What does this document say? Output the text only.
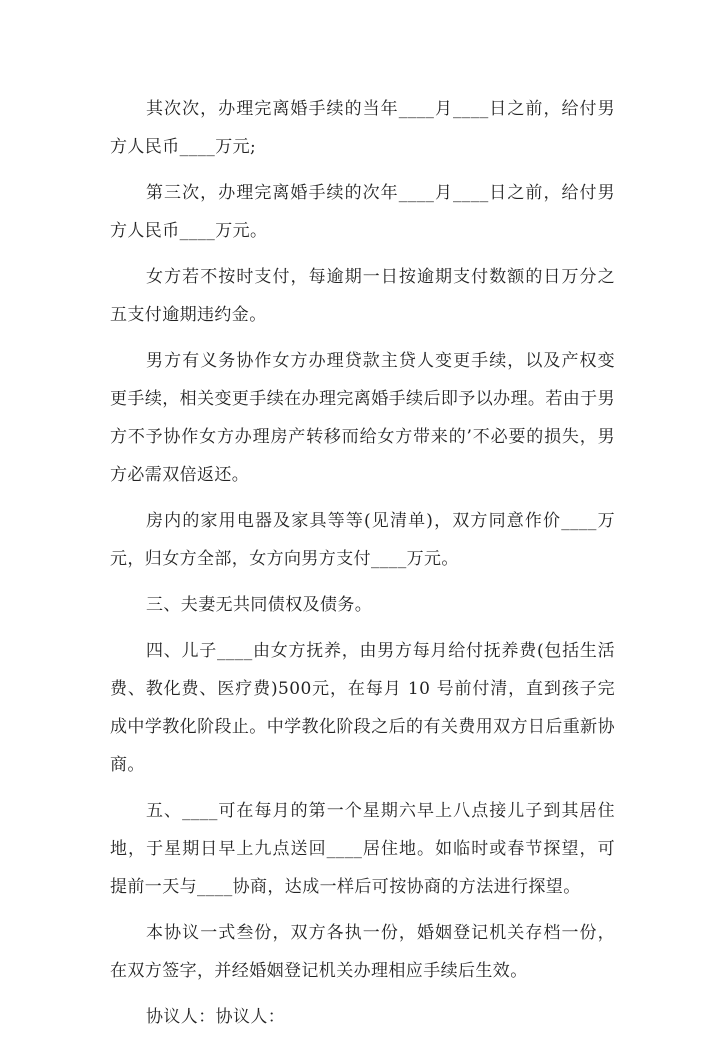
其次次，办理完离婚手续的当年____月____日之前，给付男方人民币____万元;

第三次，办理完离婚手续的次年____月____日之前，给付男方人民币____万元。

女方若不按时支付，每逾期一日按逾期支付数额的日万分之五支付逾期违约金。

男方有义务协作女方办理贷款主贷人变更手续，以及产权变更手续，相关变更手续在办理完离婚手续后即予以办理。若由于男方不予协作女方办理房产转移而给女方带来的’不必要的损失，男方必需双倍返还。

房内的家用电器及家具等等(见清单)，双方同意作价____万元，归女方全部，女方向男方支付____万元。

三、夫妻无共同债权及债务。

四、儿子____由女方抚养，由男方每月给付抚养费(包括生活费、教化费、医疗费)500元，在每月 10 号前付清，直到孩子完成中学教化阶段止。中学教化阶段之后的有关费用双方日后重新协商。

五、____可在每月的第一个星期六早上八点接儿子到其居住地，于星期日早上九点送回____居住地。如临时或春节探望，可提前一天与____协商，达成一样后可按协商的方法进行探望。

本协议一式叁份，双方各执一份，婚姻登记机关存档一份，在双方签字，并经婚姻登记机关办理相应手续后生效。

协议人：协议人：
